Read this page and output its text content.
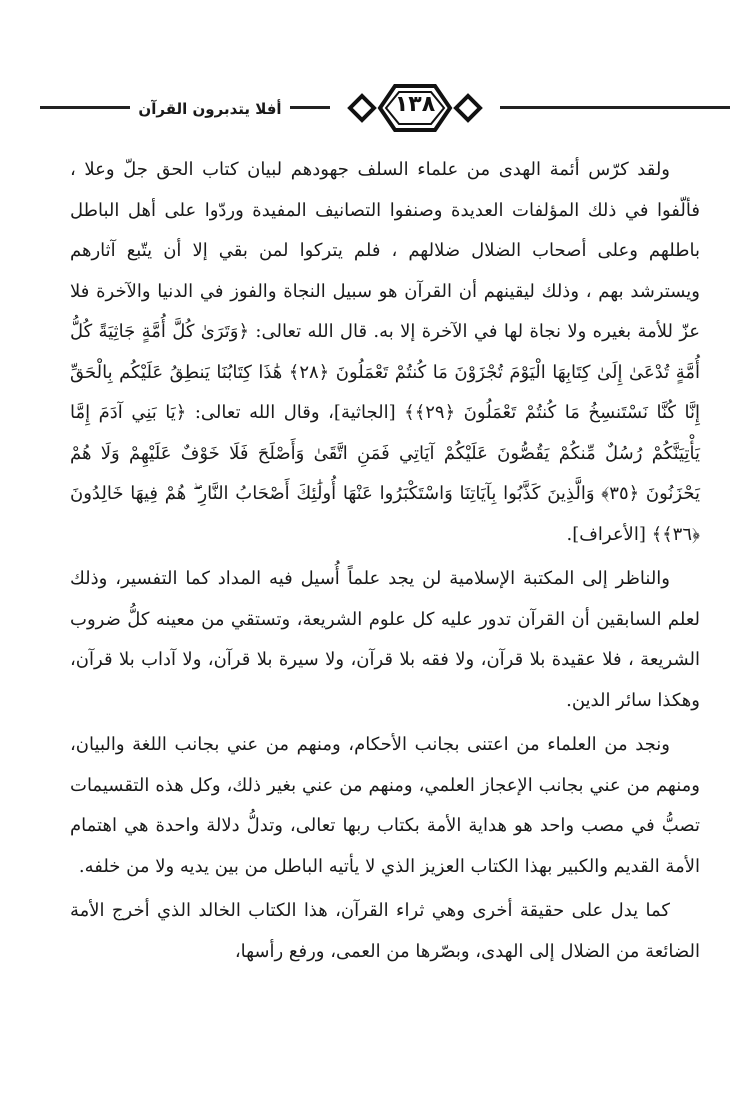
أفلا يتدبرون القرآن	١٣٨

ولقد كرّس أئمة الهدى من علماء السلف جهودهم لبيان كتاب الحق جلّ وعلا ، فألّفوا في ذلك المؤلفات العديدة وصنفوا التصانيف المفيدة وردّوا على أهل الباطل باطلهم وعلى أصحاب الضلال ضلالهم ، فلم يتركوا لمن بقي إلا أن يتّبع آثارهم ويسترشد بهم ، وذلك ليقينهم أن القرآن هو سبيل النجاة والفوز في الدنيا والآخرة فلا عزّ للأمة بغيره ولا نجاة لها في الآخرة إلا به. قال الله تعالى: ﴿وَتَرَىٰ كُلَّ أُمَّةٍ جَاثِيَةً كُلُّ أُمَّةٍ تُدْعَىٰ إِلَىٰ كِتَابِهَا الْيَوْمَ تُجْزَوْنَ مَا كُنتُمْ تَعْمَلُونَ ﴿٢٨﴾ هَٰذَا كِتَابُنَا يَنطِقُ عَلَيْكُم بِالْحَقِّ إِنَّا كُنَّا نَسْتَنسِخُ مَا كُنتُمْ تَعْمَلُونَ ﴿٢٩﴾﴾ [الجاثية]، وقال الله تعالى: ﴿يَا بَنِي آدَمَ إِمَّا يَأْتِيَنَّكُمْ رُسُلٌ مِّنكُمْ يَقُصُّونَ عَلَيْكُمْ آيَاتِي فَمَنِ اتَّقَىٰ وَأَصْلَحَ فَلَا خَوْفٌ عَلَيْهِمْ وَلَا هُمْ يَحْزَنُونَ ﴿٣٥﴾ وَالَّذِينَ كَذَّبُوا بِآيَاتِنَا وَاسْتَكْبَرُوا عَنْهَا أُولَٰئِكَ أَصْحَابُ النَّارِ ۖ هُمْ فِيهَا خَالِدُونَ ﴿٣٦﴾﴾ [الأعراف].

والناظر إلى المكتبة الإسلامية لن يجد علماً أُسيل فيه المداد كما التفسير، وذلك لعلم السابقين أن القرآن تدور عليه كل علوم الشريعة، وتستقي من معينه كلُّ ضروب الشريعة ، فلا عقيدة بلا قرآن، ولا فقه بلا قرآن، ولا سيرة بلا قرآن، ولا آداب بلا قرآن، وهكذا سائر الدين.

ونجد من العلماء من اعتنى بجانب الأحكام، ومنهم من عني بجانب اللغة والبيان، ومنهم من عني بجانب الإعجاز العلمي، ومنهم من عني بغير ذلك، وكل هذه التقسيمات تصبُّ في مصب واحد هو هداية الأمة بكتاب ربها تعالى، وتدلُّ دلالة واحدة هي اهتمام الأمة القديم والكبير بهذا الكتاب العزيز الذي لا يأتيه الباطل من بين يديه ولا من خلفه.

كما يدل على حقيقة أخرى وهي ثراء القرآن، هذا الكتاب الخالد الذي أخرج الأمة الضائعة من الضلال إلى الهدى، وبصّرها من العمى، ورفع رأسها،
